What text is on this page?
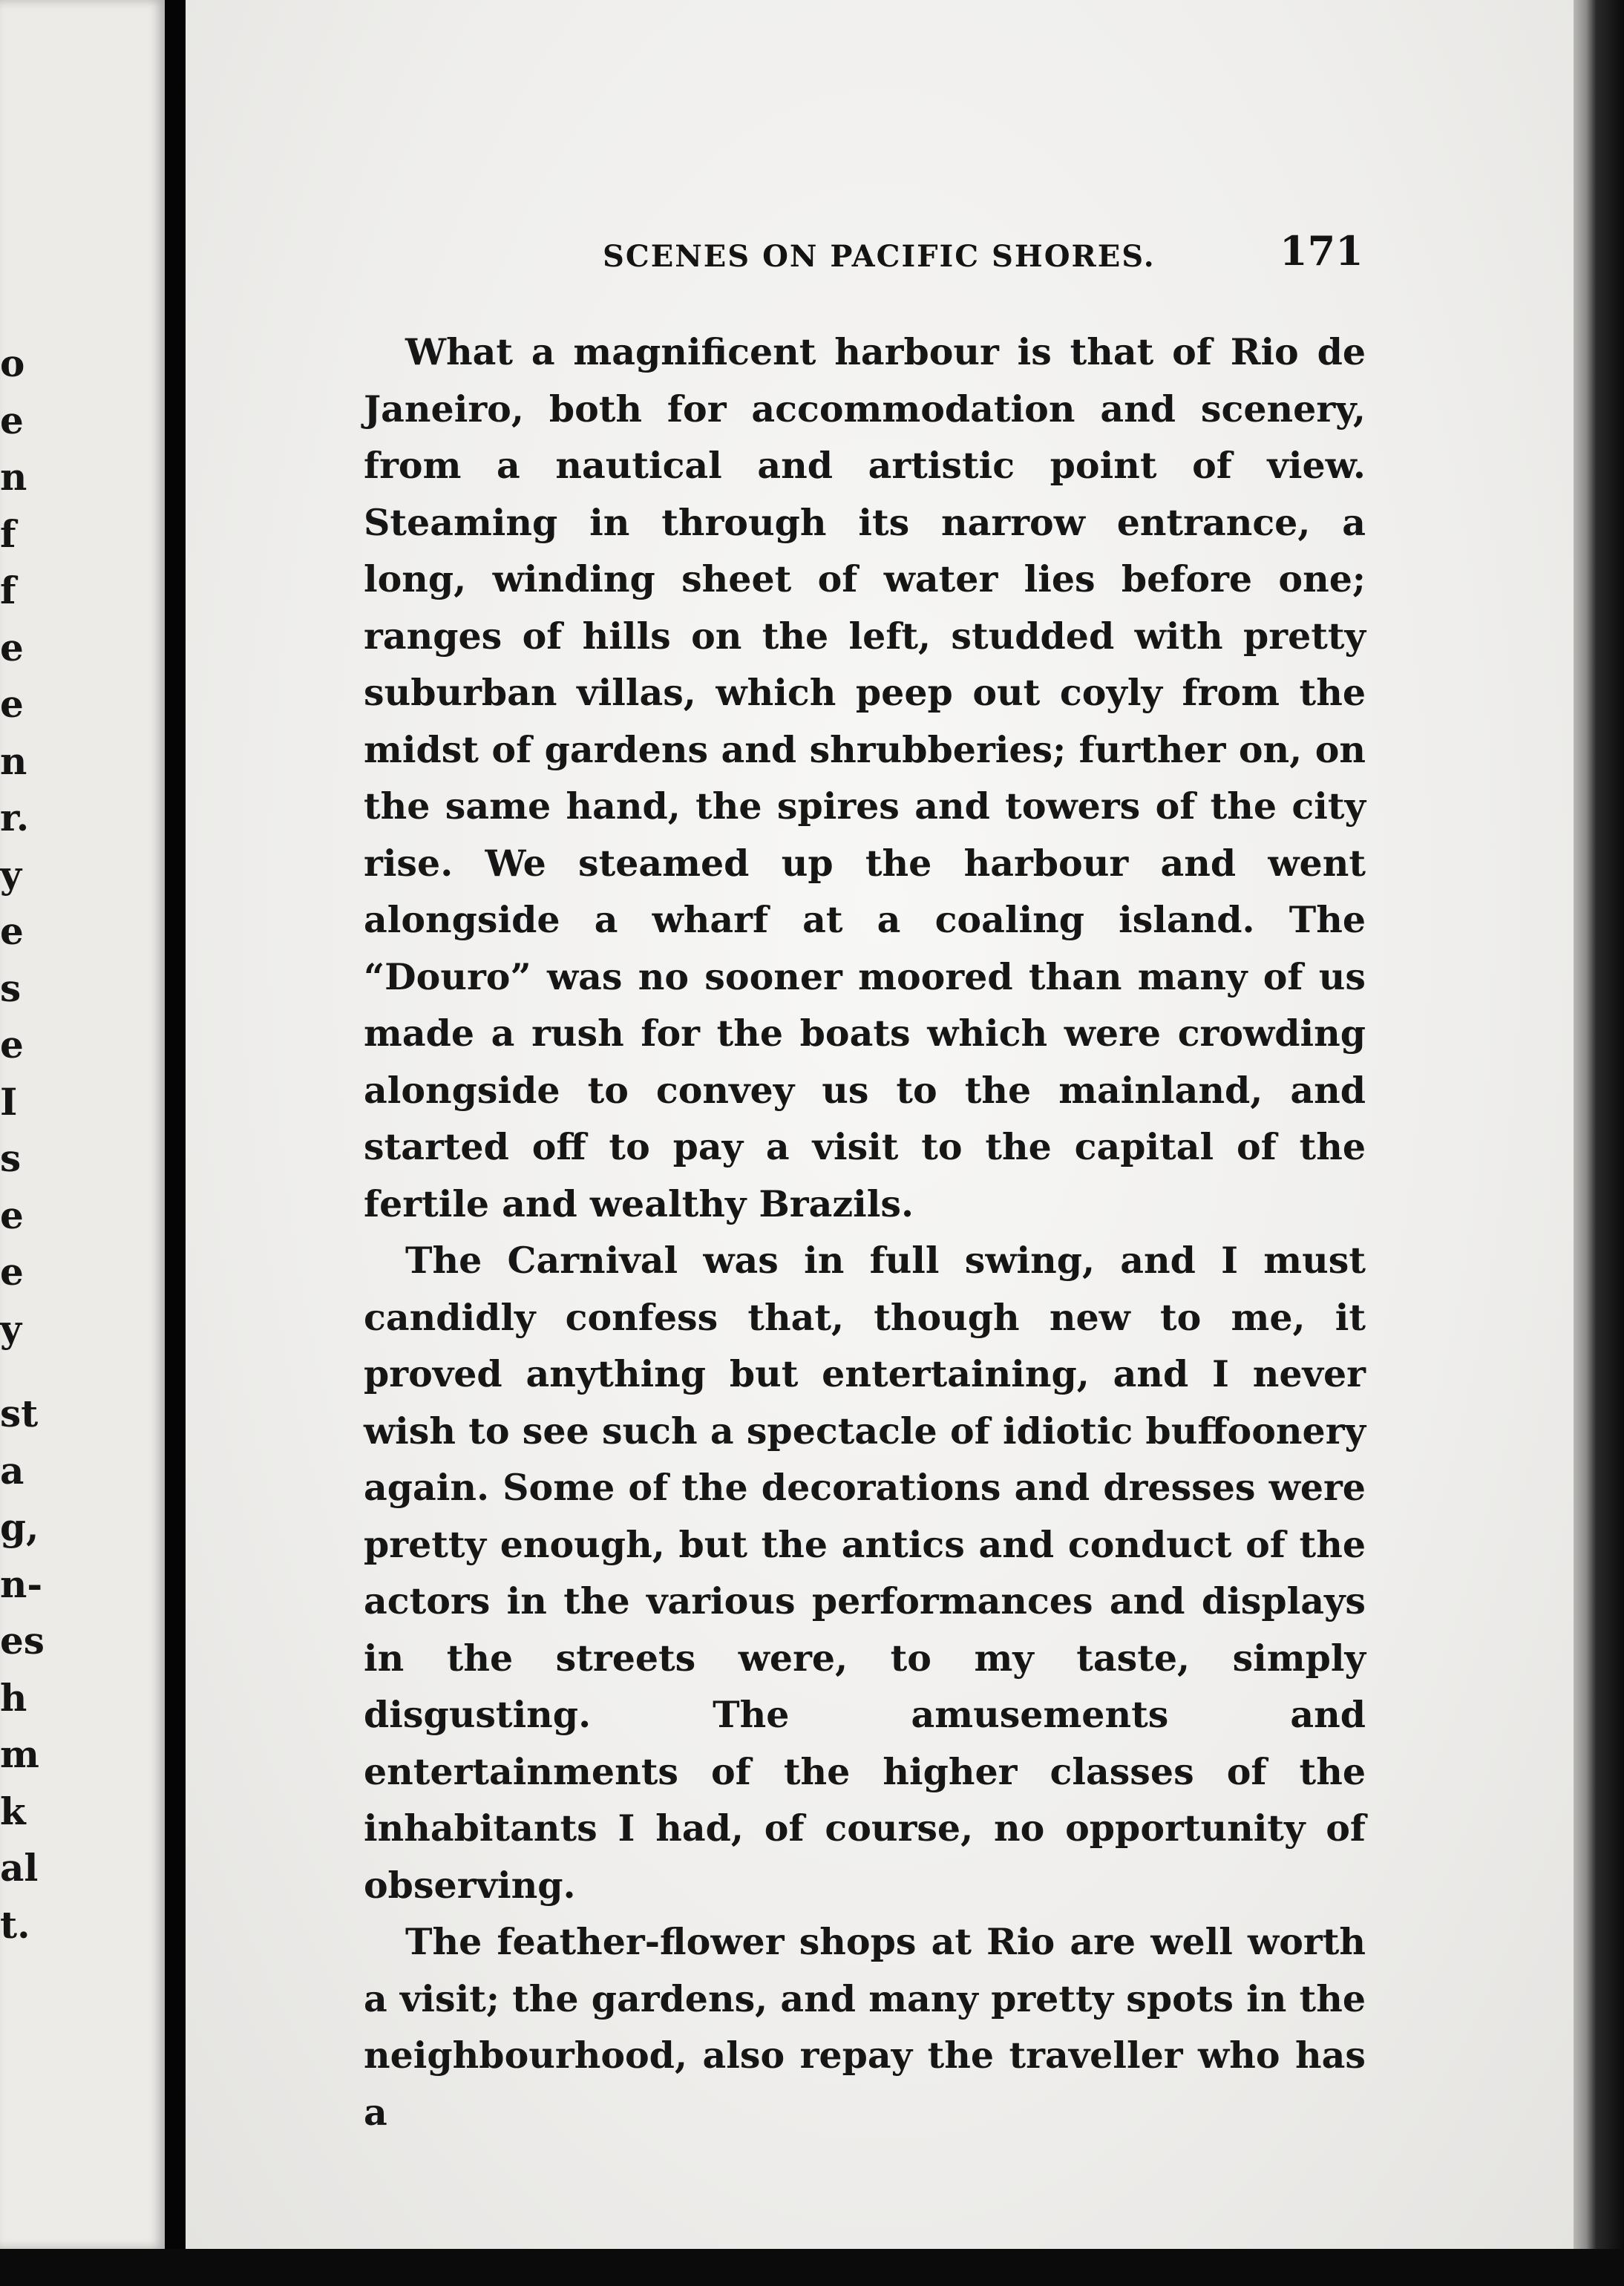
o
e
n
f
f
e
e
n
r.
y
e
s
e
I
s
e
e
y
st
a
g,
n-
es
h
m
k
al
t.
SCENES ON PACIFIC SHORES.	171

What a magnificent harbour is that of Rio de Janeiro, both for accommodation and scenery, from a nautical and artistic point of view. Steaming in through its narrow entrance, a long, winding sheet of water lies before one; ranges of hills on the left, studded with pretty suburban villas, which peep out coyly from the midst of gardens and shrubberies; further on, on the same hand, the spires and towers of the city rise. We steamed up the harbour and went alongside a wharf at a coaling island. The “Douro” was no sooner moored than many of us made a rush for the boats which were crowding alongside to convey us to the mainland, and started off to pay a visit to the capital of the fertile and wealthy Brazils.

The Carnival was in full swing, and I must candidly confess that, though new to me, it proved anything but entertaining, and I never wish to see such a spectacle of idiotic buffoonery again. Some of the decorations and dresses were pretty enough, but the antics and conduct of the actors in the various performances and displays in the streets were, to my taste, simply disgusting. The amusements and entertainments of the higher classes of the inhabitants I had, of course, no opportunity of observing.

The feather-flower shops at Rio are well worth a visit; the gardens, and many pretty spots in the neighbourhood, also repay the traveller who has a
